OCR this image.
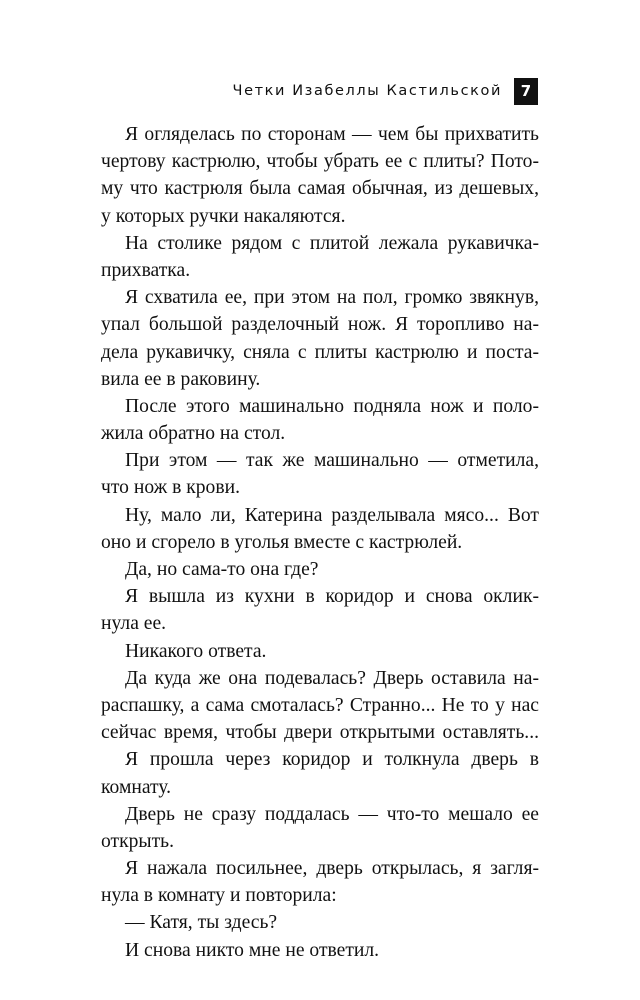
Четки Изабеллы Кастильской	7
Я огляделась по сторонам — чем бы прихватить
чертову кастрюлю, чтобы убрать ее с плиты? Пото-
му что кастрюля была самая обычная, из дешевых,
у которых ручки накаляются.
На столике рядом с плитой лежала рукавичка-
прихватка.
Я схватила ее, при этом на пол, громко звякнув,
упал большой разделочный нож. Я торопливо на-
дела рукавичку, сняла с плиты кастрюлю и поста-
вила ее в раковину.
После этого машинально подняла нож и поло-
жила обратно на стол.
При этом — так же машинально — отметила,
что нож в крови.
Ну, мало ли, Катерина разделывала мясо... Вот
оно и сгорело в уголья вместе с кастрюлей.
Да, но сама-то она где?
Я вышла из кухни в коридор и снова оклик-
нула ее.
Никакого ответа.
Да куда же она подевалась? Дверь оставила на-
распашку, а сама смоталась? Странно... Не то у нас
сейчас время, чтобы двери открытыми оставлять...
Я прошла через коридор и толкнула дверь в
комнату.
Дверь не сразу поддалась — что-то мешало ее
открыть.
Я нажала посильнее, дверь открылась, я загля-
нула в комнату и повторила:
— Катя, ты здесь?
И снова никто мне не ответил.
